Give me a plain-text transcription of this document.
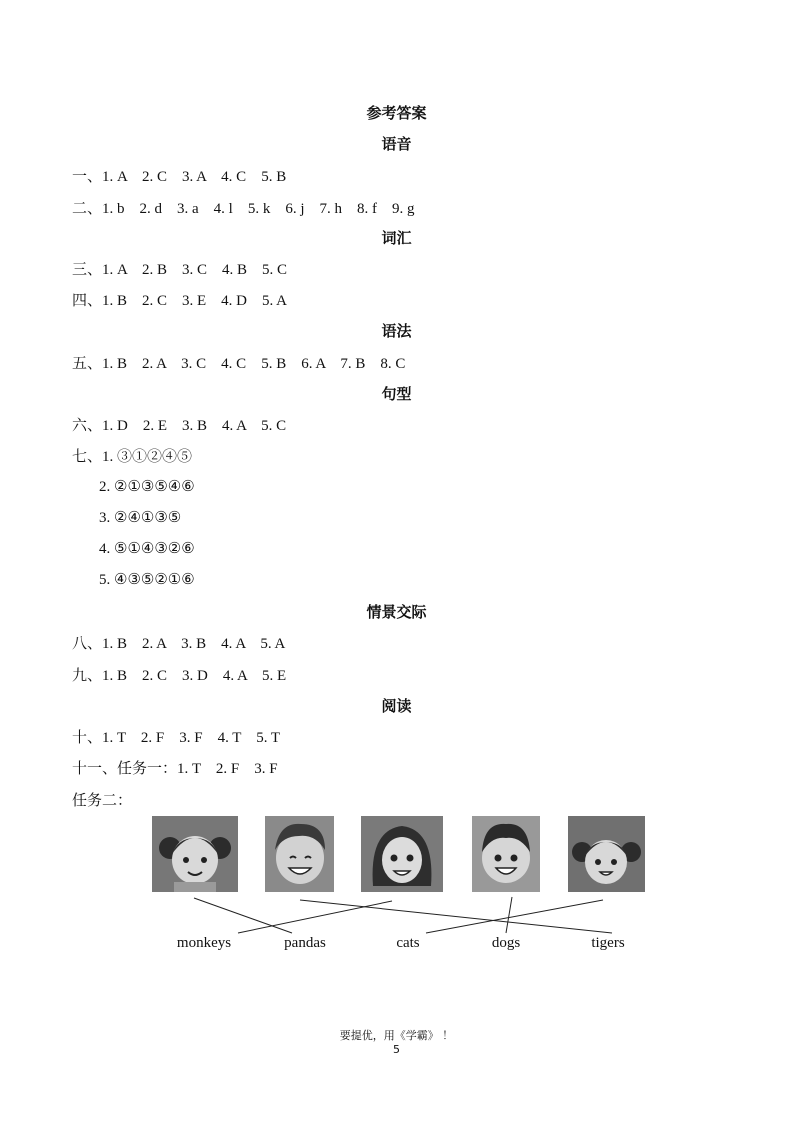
参考答案
语音
一、1. A    2. C    3. A    4. C    5. B
二、1. b    2. d    3. a    4. l    5. k    6. j    7. h    8. f    9. g
词汇
三、1. A    2. B    3. C    4. B    5. C
四、1. B    2. C    3. E    4. D    5. A
语法
五、1. B    2. A    3. C    4. C    5. B    6. A    7. B    8. C
句型
六、1. D    2. E    3. B    4. A    5. C
七、1. ③①②④⑤
2. ②①③⑤④⑥
3. ②④①③⑤
4. ⑤①④③②⑥
5. ④③⑤②①⑥
情景交际
八、1. B    2. A    3. B    4. A    5. A
九、1. B    2. C    3. D    4. A    5. E
阅读
十、1. T    2. F    3. F    4. T    5. T
十一、任务一：1. T    2. F    3. F
任务二：
monkeys	pandas	cats	dogs	tigers
要提优，用《学霸》 ！
5
